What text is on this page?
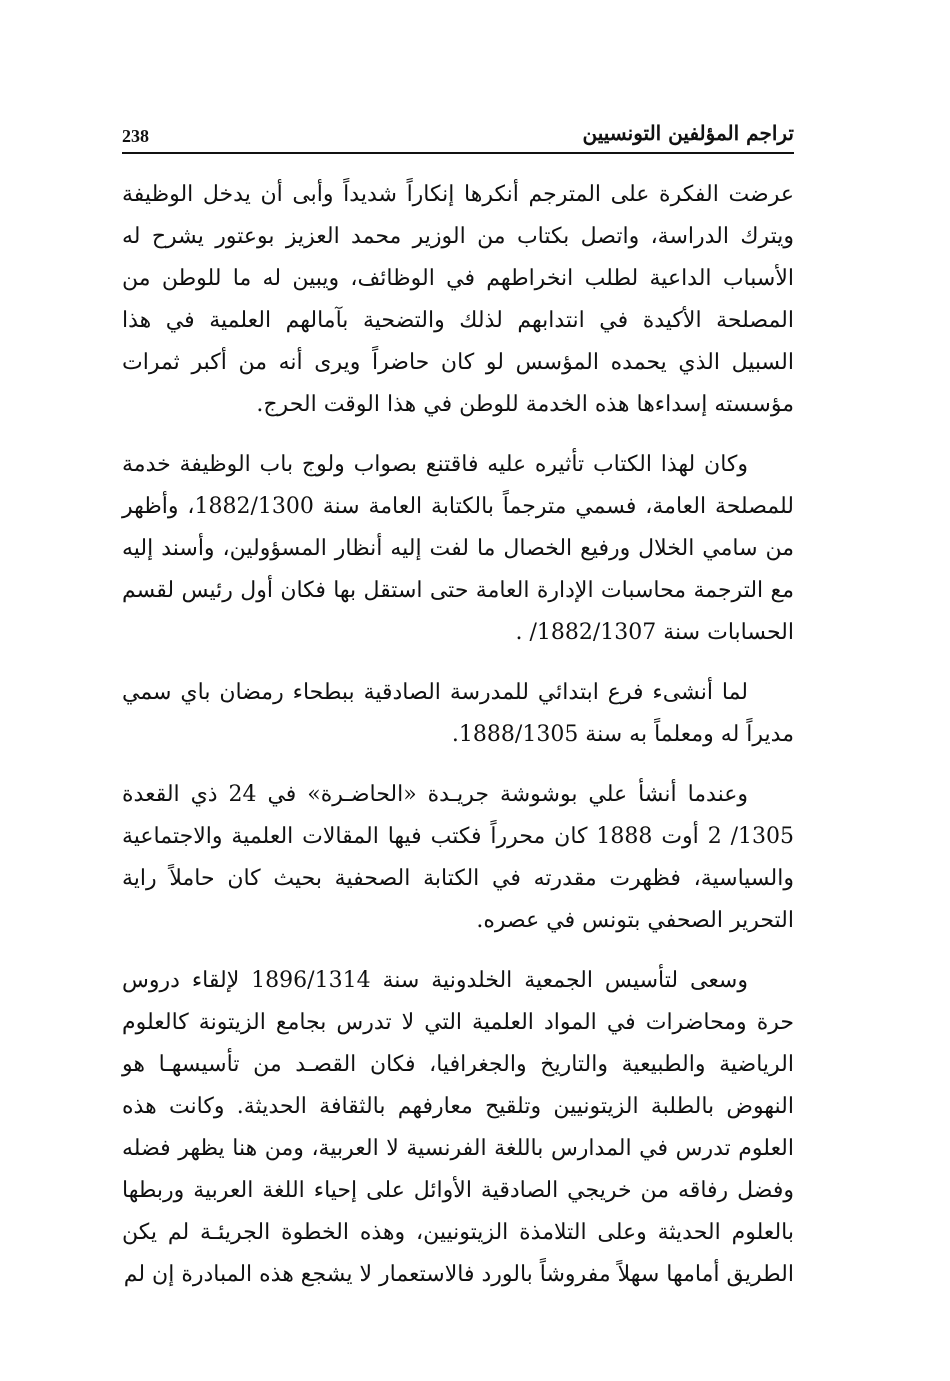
تراجم المؤلفين التونسيين
238

عرضت الفكرة على المترجم أنكرها إنكاراً شديداً وأبى أن يدخل الوظيفة ويترك الدراسة، واتصل بكتاب من الوزير محمد العزيز بوعتور يشرح له الأسباب الداعية لطلب انخراطهم في الوظائف، ويبين له ما للوطن من المصلحة الأكيدة في انتدابهم لذلك والتضحية بآمالهم العلمية في هذا السبيل الذي يحمده المؤسس لو كان حاضراً ويرى أنه من أكبر ثمرات مؤسسته إسداءها هذه الخدمة للوطن في هذا الوقت الحرج.

وكان لهذا الكتاب تأثيره عليه فاقتنع بصواب ولوج باب الوظيفة خدمة للمصلحة العامة، فسمي مترجماً بالكتابة العامة سنة 1882/1300، وأظهر من سامي الخلال ورفيع الخصال ما لفت إليه أنظار المسؤولين، وأسند إليه مع الترجمة محاسبات الإدارة العامة حتى استقل بها فكان أول رئيس لقسم الحسابات سنة 1882/1307/ .

لما أنشىء فرع ابتدائي للمدرسة الصادقية ببطحاء رمضان باي سمي مديراً له ومعلماً به سنة 1888/1305.

وعندما أنشأ علي بوشوشة جريـدة «الحاضـرة» في 24 ذي القعدة 1305/ 2 أوت 1888 كان محرراً فكتب فيها المقالات العلمية والاجتماعية والسياسية، فظهرت مقدرته في الكتابة الصحفية بحيث كان حاملاً راية التحرير الصحفي بتونس في عصره.

وسعى لتأسيس الجمعية الخلدونية سنة 1896/1314 لإلقاء دروس حرة ومحاضرات في المواد العلمية التي لا تدرس بجامع الزيتونة كالعلوم الرياضية والطبيعية والتاريخ والجغرافيا، فكان القصـد من تأسيسهـا هو النهوض بالطلبة الزيتونيين وتلقيح معارفهم بالثقافة الحديثة. وكانت هذه العلوم تدرس في المدارس باللغة الفرنسية لا العربية، ومن هنا يظهر فضله وفضل رفاقه من خريجي الصادقية الأوائل على إحياء اللغة العربية وربطها بالعلوم الحديثة وعلى التلامذة الزيتونيين، وهذه الخطوة الجريئـة لم يكن الطريق أمامها سهلاً مفروشاً بالورد فالاستعمار لا يشجع هذه المبادرة إن لم
